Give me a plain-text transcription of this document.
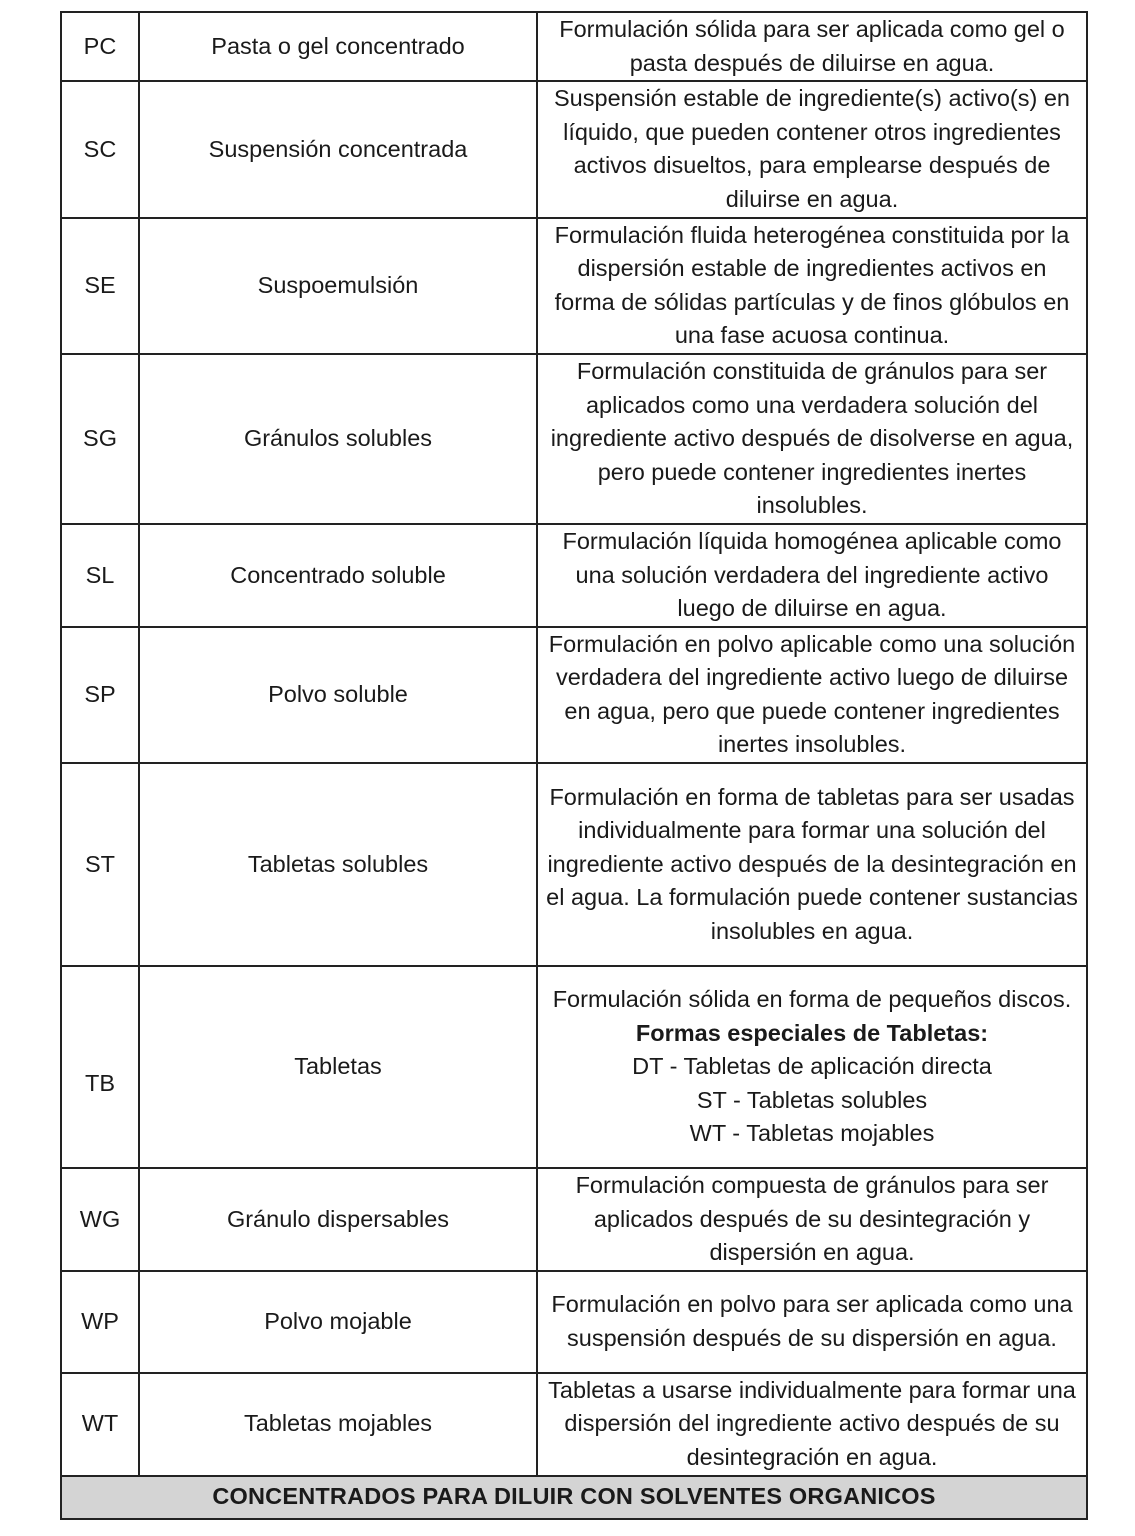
PC	Pasta o gel concentrado	Formulación sólida para ser aplicada como gel o pasta después de diluirse en agua.
SC	Suspensión concentrada	Suspensión estable de ingrediente(s) activo(s) en líquido, que pueden contener otros ingredientes activos disueltos, para emplearse después de diluirse en agua.
SE	Suspoemulsión	Formulación fluida heterogénea constituida por la dispersión estable de ingredientes activos en forma de sólidas partículas y de finos glóbulos en una fase acuosa continua.
SG	Gránulos solubles	Formulación constituida de gránulos para ser aplicados como una verdadera solución del ingrediente activo después de disolverse en agua, pero puede contener ingredientes inertes insolubles.
SL	Concentrado soluble	Formulación líquida homogénea aplicable como una solución verdadera del ingrediente activo luego de diluirse en agua.
SP	Polvo soluble	Formulación en polvo aplicable como una solución verdadera del ingrediente activo luego de diluirse en agua, pero que puede contener ingredientes inertes insolubles.
ST	Tabletas solubles	Formulación en forma de tabletas para ser usadas individualmente para formar una solución del ingrediente activo después de la desintegración en el agua. La formulación puede contener sustancias insolubles en agua.
TB	Tabletas	Formulación sólida en forma de pequeños discos.
Formas especiales de Tabletas:
DT - Tabletas de aplicación directa
ST - Tabletas solubles
WT - Tabletas mojables

WG	Gránulo dispersables	Formulación compuesta de gránulos para ser aplicados después de su desintegración y dispersión en agua.
WP	Polvo mojable	Formulación en polvo para ser aplicada como una suspensión después de su dispersión en agua.
WT	Tabletas mojables	Tabletas a usarse individualmente para formar una dispersión del ingrediente activo después de su desintegración en agua.
CONCENTRADOS PARA DILUIR CON SOLVENTES ORGANICOS		
